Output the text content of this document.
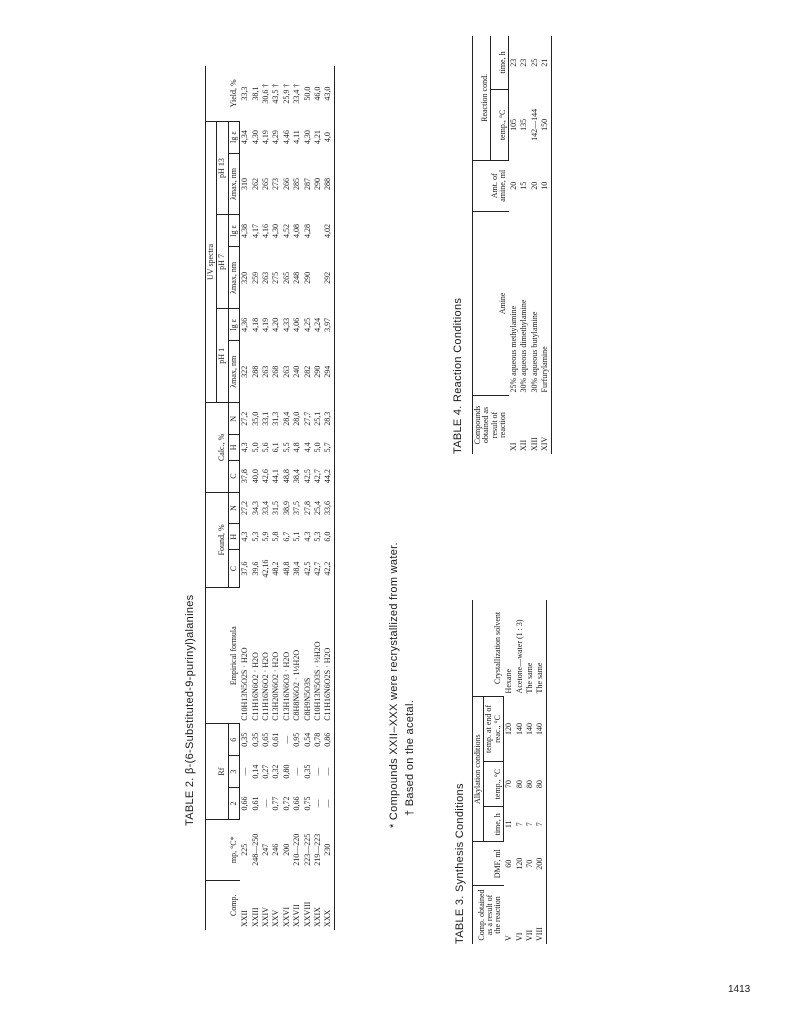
TABLE 2. β-(6-Substituted-9-purinyl)alanines
Comp.	mp, °C*	Rf			Empirical formula	Found, %			Calc., %			UV spectra						Yield, %
												pH 1		pH 7		pH 13		
		2	3	6		C	H	N	C	H	N	λmax, nm	lg ε	λmax, nm	lg ε	λmax, nm	lg ε	
XXII	225	0,66	—	0,35	C10H13N5O2S · H2O	37,6	4,3	27,2	37,8	4,3	27,2	322	4,36	320	4,38	310	4,34	33,3
XXIII	248—250	0,61	0,14	0,35	C11H16N6O2 · H2O	39,6	5,3	34,3	40,0	5,0	35,0	288	4,18	259	4,17	262	4,30	38,1
XXIV	247	—	0,27	0,65	C11H16N6O2 · H2O	42,16	5,9	33,4	42,6	5,6	33,1	263	4,19	263	4,16	265	4,19	30,6 †
XXV	246	0,77	0,32	0,61	C13H20N6O2 · H2O	48,2	5,8	31,5	44,1	6,1	31,3	268	4,20	275	4,30	273	4,29	43,5 †
XXVI	200	0,72	0,80	—	C13H16N6O3 · H2O	48,8	6,7	38,9	48,8	5,5	28,4	263	4,33	265	4,52	266	4,46	25,9 †
XXVII	210—220	0,66	—	0,95	C8H8N6O2 · 1½H2O	38,4	5,1	37,5	38,4	4,8	28,0	240	4,06	248	4,08	285	4,11	33,4 †
XXVIII	223—225	0,75	0,35	0,54	C8H9N5O3S	42,5	4,3	27,8	42,5	4,4	27,7	282	4,25	290	4,28	287	4,30	50,0
XXIX	219—223	—	—	0,78	C10H13N5O3S · ½H2O	42,7	5,3	25,4	42,7	5,0	25,1	290	4,24			290	4,21	46,0
XXX	230	—	—	0,86	C11H16N6O2S · H2O	42,2	6,0	33,6	44,2	5,7	28,3	294	3,97	292	4,02	288	4,0	43,0
* Compounds XXII–XXX were recrystallized from water. † Based on the acetal.
TABLE 3. Synthesis Conditions Comp. obtained as a result of the reaction	DMF, ml	Alkylation conditions			Crystallization solvent
		time, h	temp., °C	temp. at end of reac., °C	
V	60	11	70	120	Hexane
VI	120	7	80	140	Acetone—water (1 : 3)
VII	70	7	80	140	The same
VIII	200	7	80	140	The same
TABLE 4. Reaction Conditions Compounds obtained as result of reaction	Amine	Amt. of amine, ml	Reaction cond.	
			temp., °C	time, h
XI	25% aqueous methylamine	20	105	23
XII	30% aqueous dimethylamine	15	135	23
XIII	30% aqueous butylamine	20	142—144	25
XIV	Furfurylamine	10	150	21
1413
